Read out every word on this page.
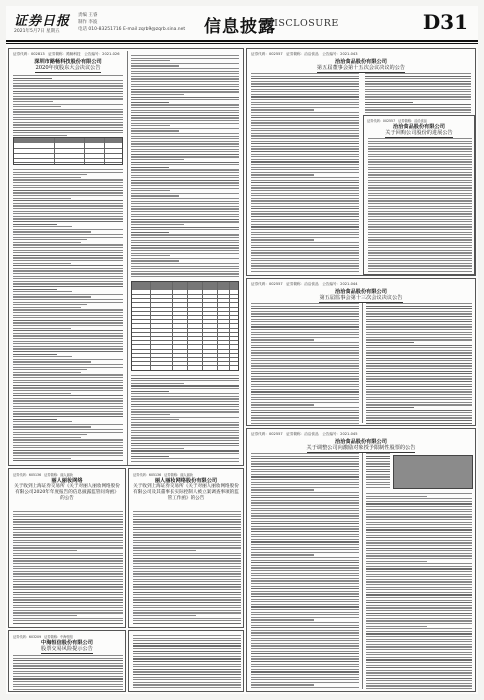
证券日报
2021年5月7日 星期五
责编 王睿
制作 李波
电话 010-83251716 E-mail zqrb9@zqrb.sina.net 信息披露
DISCLOSURE	D31
证券代码：002813　证券简称：路畅科技　公告编号：2021-026
深圳市路畅科技股份有限公司
2020年度股东大会决议公告
证券代码：002557　证券简称：洽洽食品　公告编号：2021-043
洽洽食品股份有限公司
第五届董事会第十五次会议决议的公告
证券代码：002557　证券简称：洽洽食品
洽洽食品股份有限公司
关于回购公司股份的进展公告
证券代码：002557　证券简称：洽洽食品　公告编号：2021-044
洽洽食品股份有限公司
第五届监事会第十三次会议决议公告
证券代码：002557　证券简称：洽洽食品　公告编号：2021-045
洽洽食品股份有限公司
关于调整公司向激励对象授予限制性股票的公告
证券代码：605136　证券简称：丽人丽妆
丽人丽妆网络
关于收到上海证券交易所《关于对丽人丽妆网络股份有限公司2020年年度报告的信息披露监管问询函》的公告
证券代码：605136　证券简称：丽人丽妆
丽人丽妆网络股份有限公司
关于收到上海证券交易所《关于对丽人丽妆网络股份有限公司及其董事长实际控制人被立案调查事项的监管工作函》的公告
证券代码：603209　证券简称：中海恒信
中海恒信股份有限公司
股票交易风险提示公告
